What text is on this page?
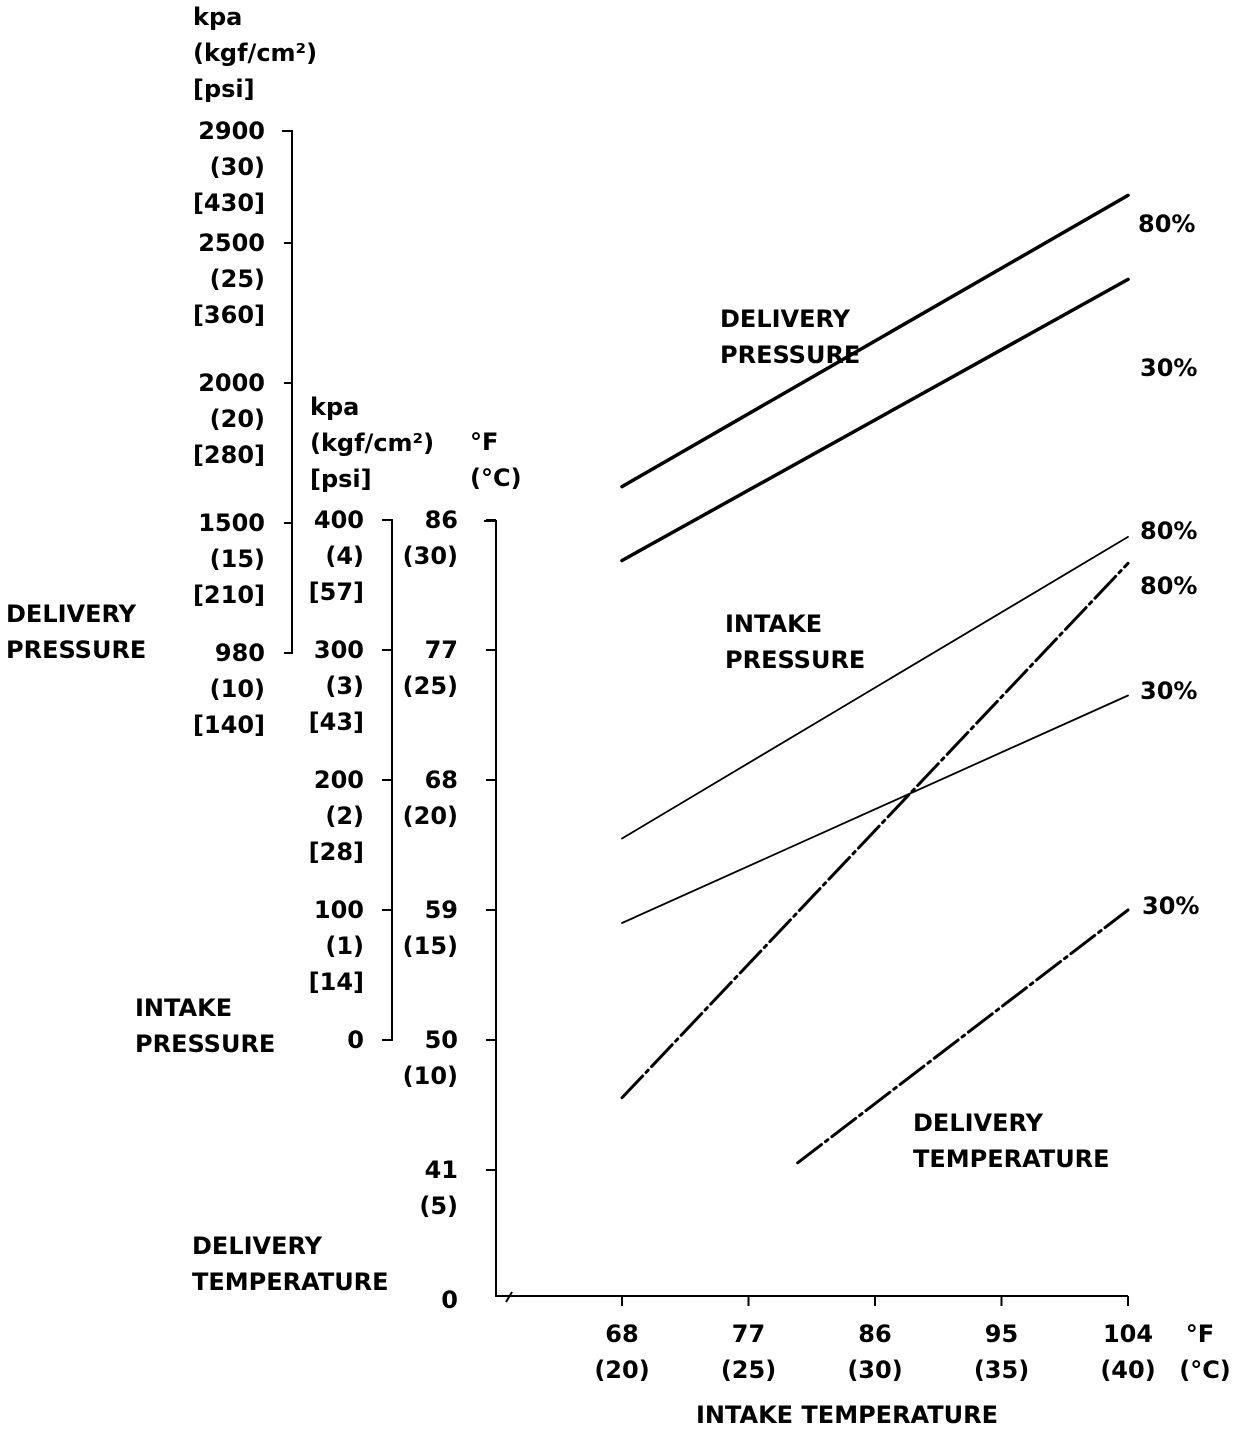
kpa
(kgf/cm²)
[psi]
2900
(30)
[430]
2500
(25)
[360]
2000
(20)
[280]
1500
(15)
[210]
980
(10)
[140]
DELIVERY
PRESSURE
kpa
(kgf/cm²)
[psi]
400
(4)
[57]
300
(3)
[43]
200
(2)
[28]
100
(1)
[14]
0
INTAKE
PRESSURE
°F
(°C)
86
(30)
77
(25)
68
(20)
59
(15)
50
(10)
41
(5)
0
DELIVERY
TEMPERATURE
68
(20)
77
(25)
86
(30)
95
(35)
104
(40)
°F
(°C)
INTAKE TEMPERATURE
80%
30%
80%
30%
80%
30%
DELIVERY
PRESSURE
INTAKE
PRESSURE
DELIVERY
TEMPERATURE
